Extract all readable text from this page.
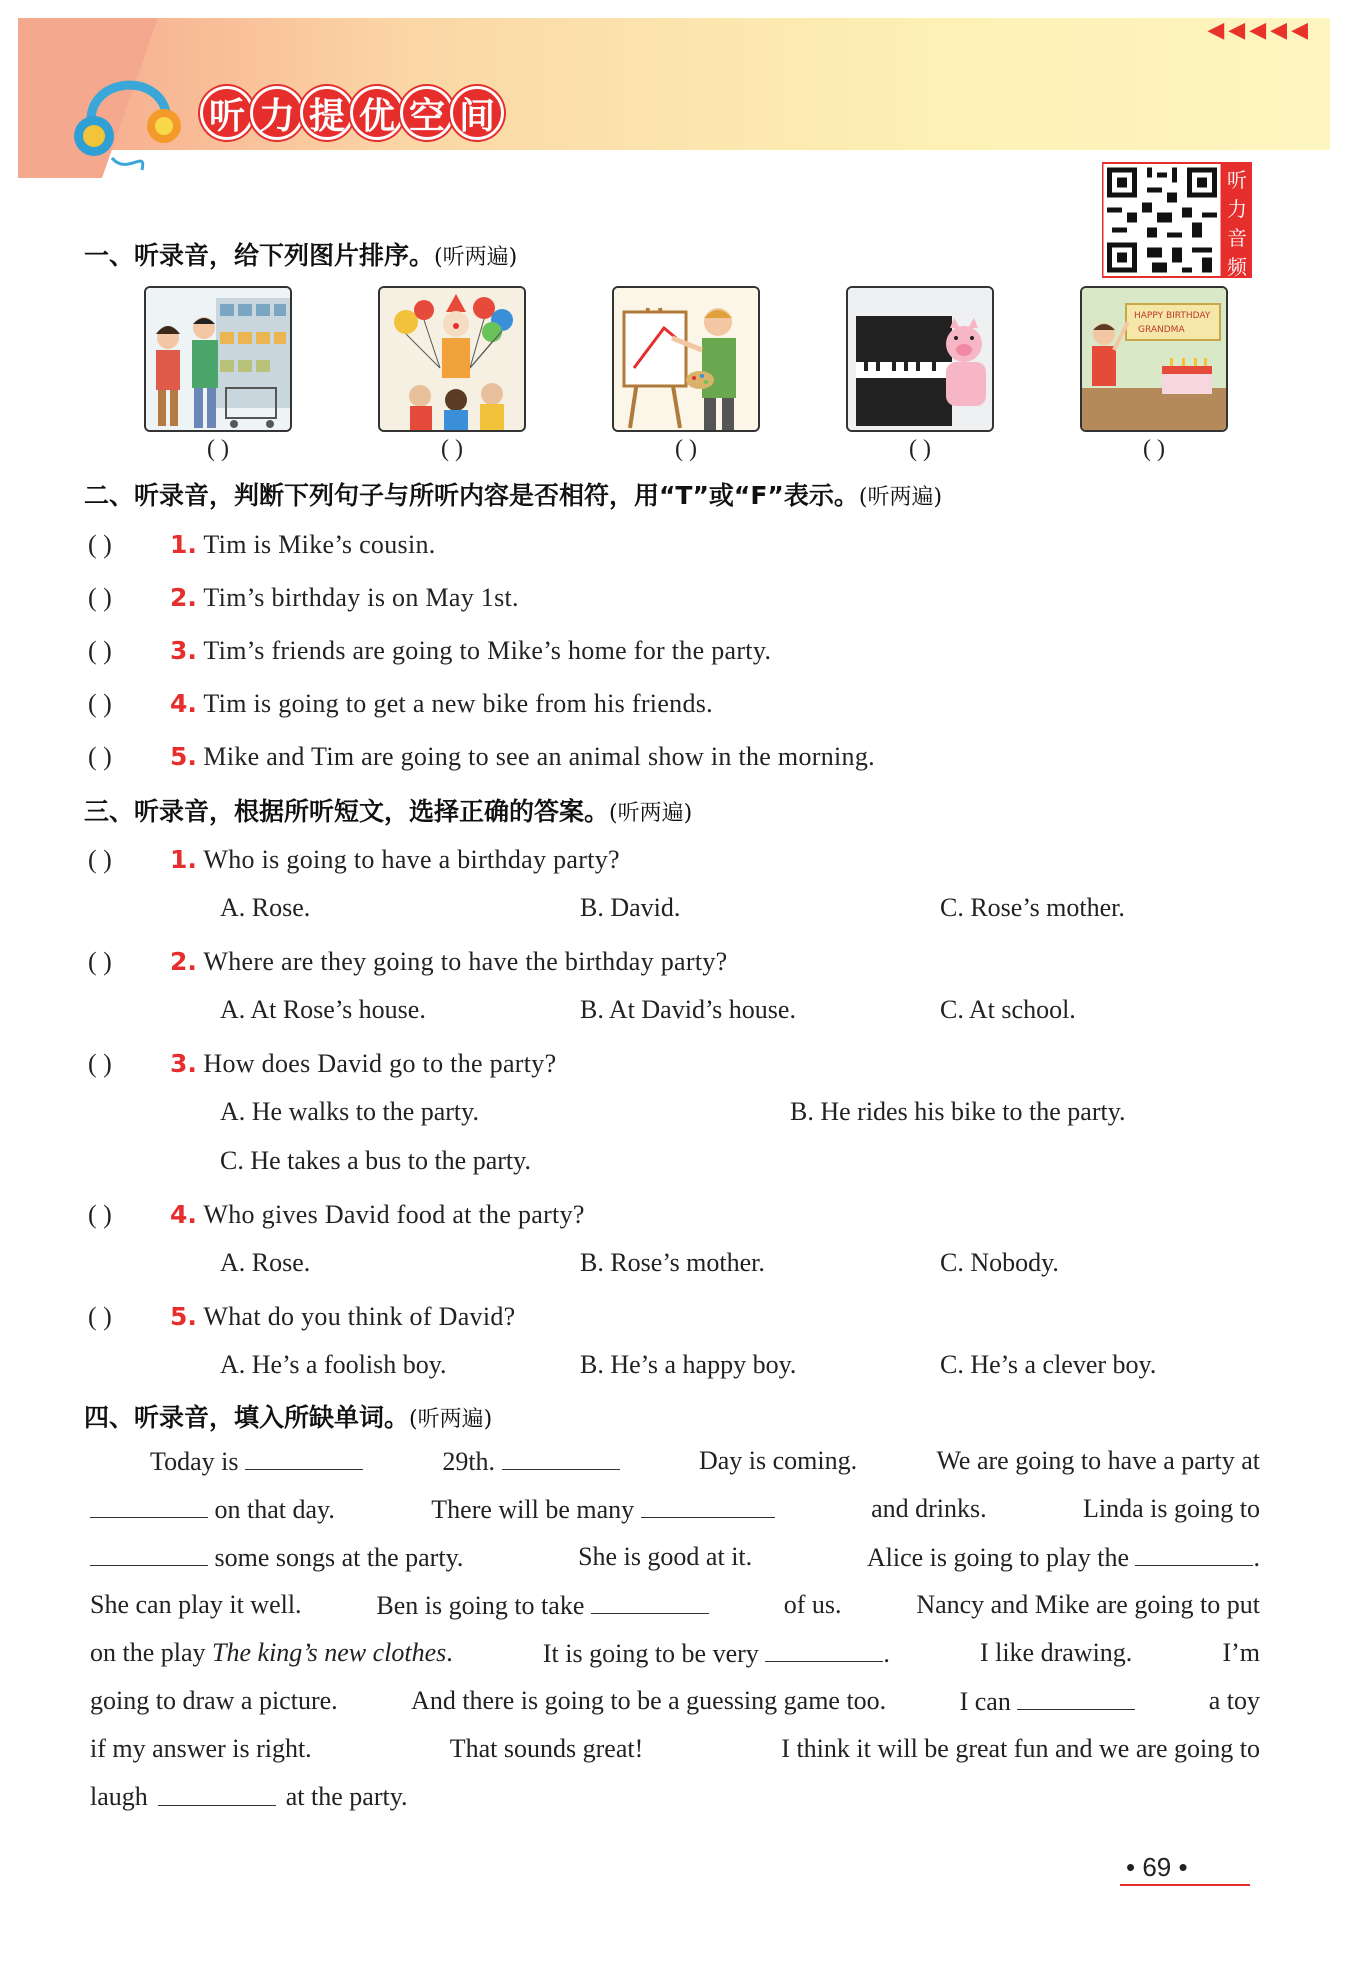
◀◀◀◀◀
听 力 提 优 空 间
听
力
音
频
一、听录音，给下列图片排序。(听两遍)
( )	( )	( )	( )
HAPPY BIRTHDAY
GRANDMA
( )
二、听录音，判断下列句子与所听内容是否相符，用“T”或“F”表示。(听两遍)
( ) 1. Tim is Mike’s cousin.
( ) 2. Tim’s birthday is on May 1st.
( ) 3. Tim’s friends are going to Mike’s home for the party.
( ) 4. Tim is going to get a new bike from his friends.
( ) 5. Mike and Tim are going to see an animal show in the morning.
三、听录音，根据所听短文，选择正确的答案。(听两遍)
( ) 1. Who is going to have a birthday party?
A. Rose.	B. David.	C. Rose’s mother.
( ) 2. Where are they going to have the birthday party?
A. At Rose’s house.	B. At David’s house.	C. At school.
( ) 3. How does David go to the party?
A. He walks to the party.	B. He rides his bike to the party.
C. He takes a bus to the party.
( ) 4. Who gives David food at the party?
A. Rose.	B. Rose’s mother.	C. Nobody.
( ) 5. What do you think of David?
A. He’s a foolish boy.	B. He’s a happy boy.	C. He’s a clever boy.
四、听录音，填入所缺单词。(听两遍)
Today is	29th.	Day is coming.	We are going to have a party at
on that day.	There will be many	and drinks.	Linda is going to
some songs at the party.	She is good at it.	Alice is going to play the	.
She can play it well.	Ben is going to take	of us.	Nancy and Mike are going to put
on the play The king’s new clothes.	It is going to be very	.	I like drawing.	I’m
going to draw a picture.	And there is going to be a guessing game too.	I can	a toy
if my answer is right.	That sounds great!	I think it will be great fun and we are going to
laugh	at the party.
• 69 •
